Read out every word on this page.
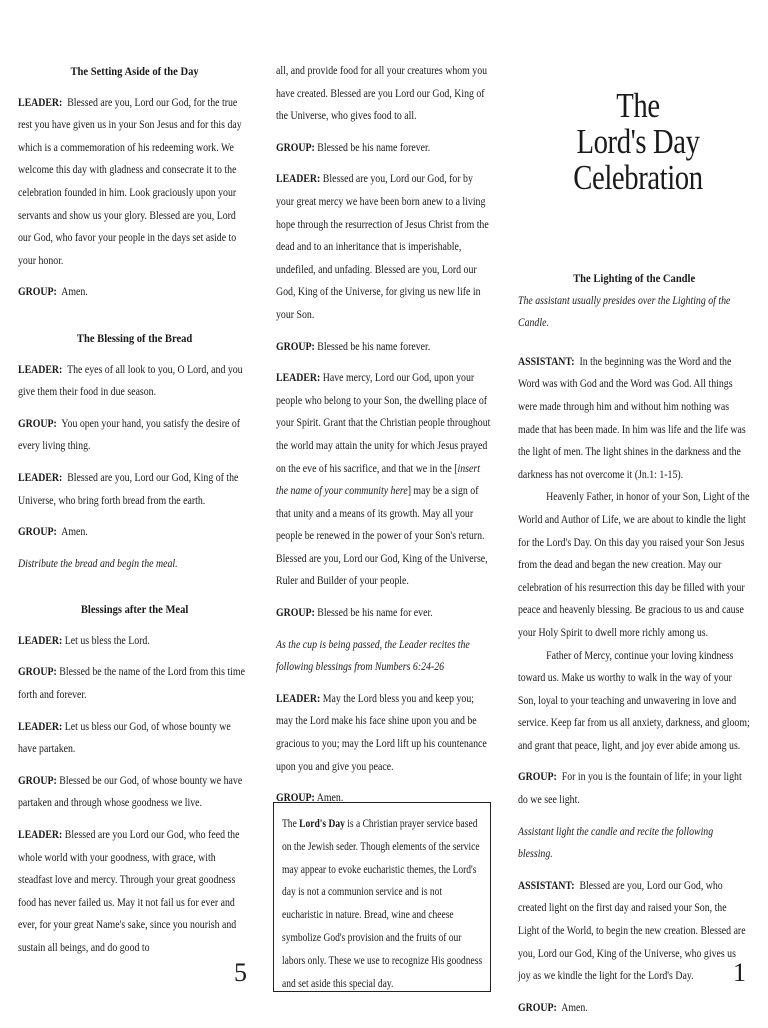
The Setting Aside of the Day
LEADER: Blessed are you, Lord our God, for the true rest you have given us in your Son Jesus and for this day which is a commemoration of his redeeming work. We welcome this day with gladness and consecrate it to the celebration founded in him. Look graciously upon your servants and show us your glory. Blessed are you, Lord our God, who favor your people in the days set aside to your honor.
GROUP: Amen.
The Blessing of the Bread
LEADER: The eyes of all look to you, O Lord, and you give them their food in due season.
GROUP: You open your hand, you satisfy the desire of every living thing.
LEADER: Blessed are you, Lord our God, King of the Universe, who bring forth bread from the earth.
GROUP: Amen.
Distribute the bread and begin the meal.
Blessings after the Meal
LEADER: Let us bless the Lord.
GROUP: Blessed be the name of the Lord from this time forth and forever.
LEADER: Let us bless our God, of whose bounty we have partaken.
GROUP: Blessed be our God, of whose bounty we have partaken and through whose goodness we live.
LEADER: Blessed are you Lord our God, who feed the whole world with your goodness, with grace, with steadfast love and mercy. Through your great goodness food has never failed us. May it not fail us for ever and ever, for your great Name's sake, since you nourish and sustain all beings, and do good to
all, and provide food for all your creatures whom you have created. Blessed are you Lord our God, King of the Universe, who gives food to all.
GROUP: Blessed be his name forever.
LEADER: Blessed are you, Lord our God, for by your great mercy we have been born anew to a living hope through the resurrection of Jesus Christ from the dead and to an inheritance that is imperishable, undefiled, and unfading. Blessed are you, Lord our God, King of the Universe, for giving us new life in your Son.
GROUP: Blessed be his name forever.
LEADER: Have mercy, Lord our God, upon your people who belong to your Son, the dwelling place of your Spirit. Grant that the Christian people throughout the world may attain the unity for which Jesus prayed on the eve of his sacrifice, and that we in the [insert the name of your community here] may be a sign of that unity and a means of its growth. May all your people be renewed in the power of your Son's return. Blessed are you, Lord our God, King of the Universe, Ruler and Builder of your people.
GROUP: Blessed be his name for ever.
As the cup is being passed, the Leader recites the following blessings from Numbers 6:24-26
LEADER: May the Lord bless you and keep you; may the Lord make his face shine upon you and be gracious to you; may the Lord lift up his countenance upon you and give you peace.
GROUP: Amen.
The Lord's Day is a Christian prayer service based on the Jewish seder. Though elements of the service may appear to evoke eucharistic themes, the Lord's day is not a communion service and is not eucharistic in nature. Bread, wine and cheese symbolize God's provision and the fruits of our labors only. These we use to recognize His goodness and set aside this special day.
The
Lord's Day
Celebration
The Lighting of the Candle
The assistant usually presides over the Lighting of the Candle.
ASSISTANT: In the beginning was the Word and the Word was with God and the Word was God. All things were made through him and without him nothing was made that has been made. In him was life and the life was the light of men. The light shines in the darkness and the darkness has not overcome it (Jn.1: 1-15).
Heavenly Father, in honor of your Son, Light of the World and Author of Life, we are about to kindle the light for the Lord's Day. On this day you raised your Son Jesus from the dead and began the new creation. May our celebration of his resurrection this day be filled with your peace and heavenly blessing. Be gracious to us and cause your Holy Spirit to dwell more richly among us.
Father of Mercy, continue your loving kindness toward us. Make us worthy to walk in the way of your Son, loyal to your teaching and unwavering in love and service. Keep far from us all anxiety, darkness, and gloom; and grant that peace, light, and joy ever abide among us.
GROUP: For in you is the fountain of life; in your light do we see light.
Assistant light the candle and recite the following blessing.
ASSISTANT: Blessed are you, Lord our God, who created light on the first day and raised your Son, the Light of the World, to begin the new creation. Blessed are you, Lord our God, King of the Universe, who gives us joy as we kindle the light for the Lord's Day.
GROUP: Amen.
5	1
